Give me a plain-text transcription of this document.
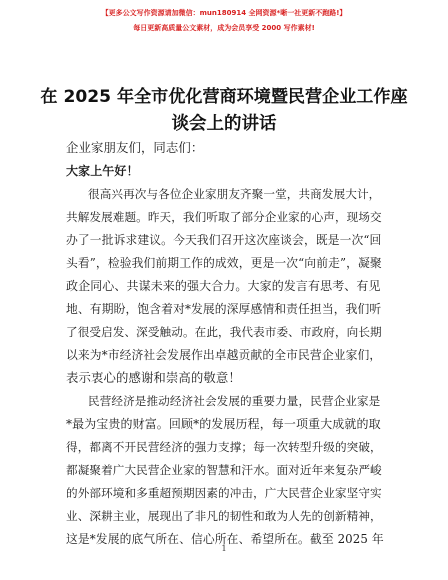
【更多公文写作资源请加微信：mun180914 全网资源*晰一社更新不跑路!】
每日更新高质量公文素材，成为会员享受 2000 写作素材!
在 2025 年全市优化营商环境暨民营企业工作座
谈会上的讲话
企业家朋友们，同志们：
大家上午好！
很高兴再次与各位企业家朋友齐聚一堂，共商发展大计，
共解发展难题。昨天，我们听取了部分企业家的心声，现场交
办了一批诉求建议。今天我们召开这次座谈会，既是一次“回
头看”，检验我们前期工作的成效，更是一次“向前走”，凝聚
政企同心、共谋未来的强大合力。大家的发言有思考、有见
地、有期盼，饱含着对*发展的深厚感情和责任担当，我们听
了很受启发、深受触动。在此，我代表市委、市政府，向长期
以来为*市经济社会发展作出卓越贡献的全市民营企业家们，
表示衷心的感谢和崇高的敬意！
民营经济是推动经济社会发展的重要力量，民营企业家是
*最为宝贵的财富。回顾*的发展历程，每一项重大成就的取
得，都离不开民营经济的强力支撑；每一次转型升级的突破，
都凝聚着广大民营企业家的智慧和汗水。面对近年来复杂严峻
的外部环境和多重超预期因素的冲击，广大民营企业家坚守实
业、深耕主业，展现出了非凡的韧性和敢为人先的创新精神，
这是*发展的底气所在、信心所在、希望所在。截至 2025 年
1
